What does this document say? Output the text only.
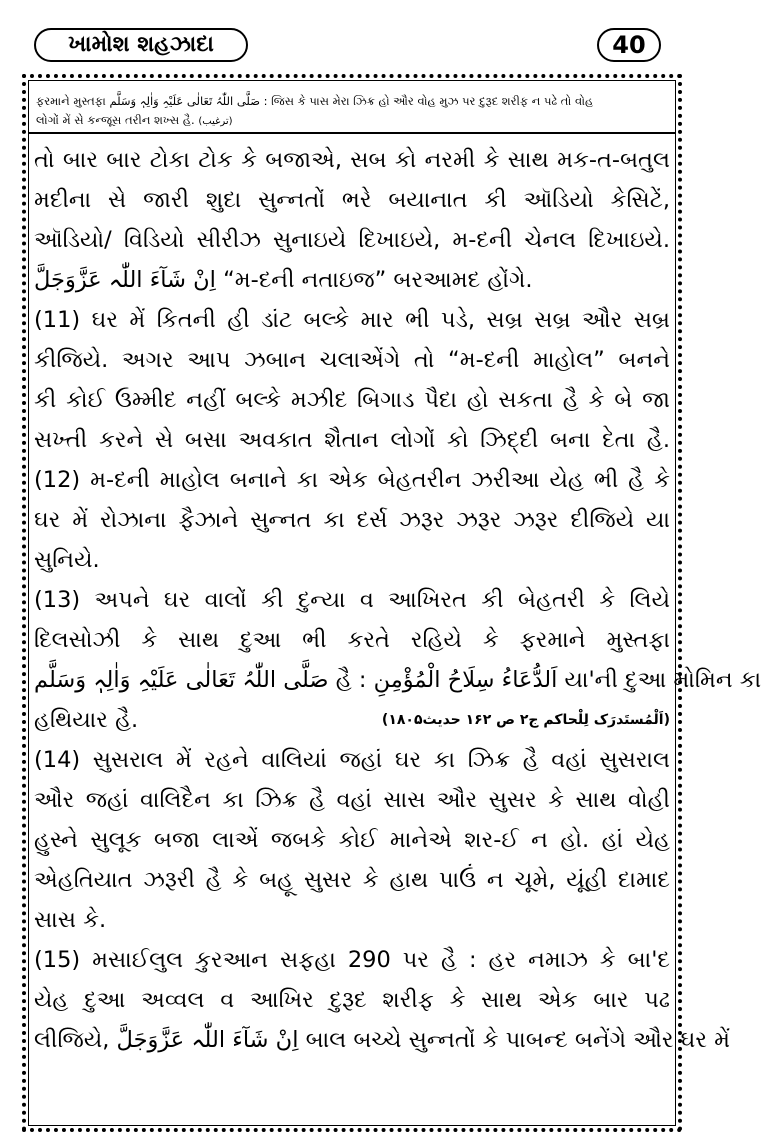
ખામોશ શહઝાદા	40
ફરમાને મુસ્તફા صَلَّی اللّٰہُ تَعَالٰی عَلَیْہِ وَاٰلِہٖ وَسَلَّم : જિસ કે પાસ મેરા ઝિક્ર હો ઔર વોહ મુઝ પર દુરૂદ શરીફ ન પઢે તો વોહ
લોગોં મેં સે કન્જૂસ તરીન શખ્સ હૈ. (ترغیب)
તો બાર બાર ટોકા ટોક કે બજાએ, સબ કો નરમી કે સાથ મક-ત-બતુલ
મદીના સે જારી શુદા સુન્નતોં ભરે બયાનાત કી ઑડિયો કેસિટેં,
ઑડિયો/ વિડિયો સીરીઝ સુનાઇયે દિખાઇયે, મ-દની ચેનલ દિખાઇયે.
اِنْ شَآءَ اللّٰہ عَزَّوَجَلَّ “મ-દની નતાઇજ” બરઆમદ હોંગે.
(11) ઘર મેં કિતની હી ડાંટ બલ્કે માર ભી પડે, સબ્ર સબ્ર ઔર સબ્ર
કીજિયે. અગર આપ ઝબાન ચલાએંગે તો “મ-દની માહોલ” બનને
કી કોઈ ઉમ્મીદ નહીં બલ્કે મઝીદ બિગાડ પૈદા હો સકતા હૈ કે બે જા
સખ્તી કરને સે બસા અવકાત શૈતાન લોગોં કો ઝિદ્દી બના દેતા હૈ.
(12) મ-દની માહોલ બનાને કા એક બેહતરીન ઝરીઆ યેહ ભી હૈ કે
ઘર મેં રોઝાના ફૈઝાને સુન્નત કા દર્સ ઝરૂર ઝરૂર ઝરૂર દીજિયે યા
સુનિયે.
(13) અપને ઘર વાલોં કી દુન્યા વ આખિરત કી બેહતરી કે લિયે
દિલસોઝી કે સાથ દુઆ ભી કરતે રહિયે કે ફરમાને મુસ્તફા
صَلَّی اللّٰہُ تَعَالٰی عَلَیْہِ وَاٰلِہٖ وَسَلَّم હૈ : اَلدُّعَاءُ سِلَاحُ الْمُؤْمِنِ યા'ની દુઆ મોમિન કા
હથિયાર હૈ.	(اَلْمُستَدرَک لِلْحاکم ج۲ ص ۱۶۲ حدیث۱۸۰۵)
(14) સુસરાલ મેં રહને વાલિયાં જહાં ઘર કા ઝિક્ર હૈ વહાં સુસરાલ
ઔર જહાં વાલિદૈન કા ઝિક્ર હૈ વહાં સાસ ઔર સુસર કે સાથ વોહી
હુસ્ને સુલૂક બજા લાએં જબકે કોઈ માનેએ શર-ઈ ન હો. હાં યેહ
એહતિયાત ઝરૂરી હૈ કે બહૂ સુસર કે હાથ પાઉં ન ચૂમે, યૂંહી દામાદ
સાસ કે.
(15) મસાઈલુલ કુરઆન સફહા 290 પર હૈ : હર નમાઝ કે બા'દ
યેહ દુઆ અવ્વલ વ આખિર દુરૂદ શરીફ કે સાથ એક બાર પઢ
લીજિયે, اِنْ شَآءَ اللّٰہ عَزَّوَجَلَّ બાલ બચ્ચે સુન્નતોં કે પાબન્દ બનેંગે ઔર ઘર મેં
